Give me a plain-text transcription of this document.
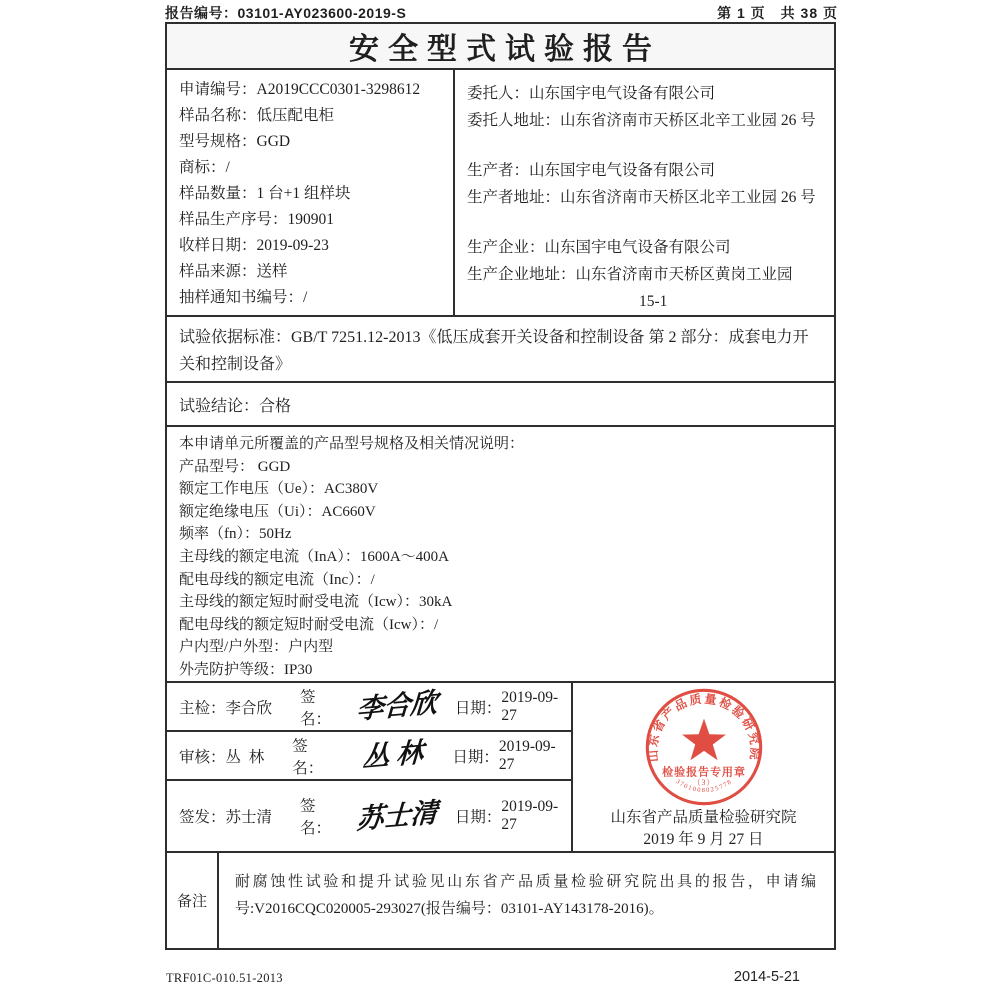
报告编号：03101-AY023600-2019-S	第 1 页　共 38 页
安全型式试验报告
申请编号：A2019CCC0301-3298612
样品名称：低压配电柜
型号规格：GGD
商标：/
样品数量：1 台+1 组样块
样品生产序号：190901
收样日期：2019-09-23
样品来源：送样
抽样通知书编号：/
委托人：山东国宇电气设备有限公司
委托人地址：山东省济南市天桥区北辛工业园 26 号
生产者：山东国宇电气设备有限公司
生产者地址：山东省济南市天桥区北辛工业园 26 号
生产企业：山东国宇电气设备有限公司
生产企业地址：山东省济南市天桥区黄岗工业园
15-1
试验依据标准：GB/T 7251.12-2013《低压成套开关设备和控制设备 第 2 部分：成套电力开关和控制设备》
试验结论：合格
本申请单元所覆盖的产品型号规格及相关情况说明：
产品型号： GGD
额定工作电压（Ue）：AC380V
额定绝缘电压（Ui）：AC660V
频率（fn）：50Hz
主母线的额定电流（InA）：1600A～400A
配电母线的额定电流（Inc）：/
主母线的额定短时耐受电流（Icw）：30kA
配电母线的额定短时耐受电流（Icw）：/
户内型/户外型：户内型
外壳防护等级：IP30
主检：李合欣
签名： 李合欣	日期：
2019-09-27
审核：丛  林
签名：	丛 林	日期：
2019-09-27
签发：苏士清
签名： 苏士清	日期：
2019-09-27
山东省产品质量检验研究院
检验报告专用章
（3）
3701008025778
山东省产品质量检验研究院
2019 年 9 月 27 日
备注
耐腐蚀性试验和提升试验见山东省产品质量检验研究院出具的报告，申请编号:V2016CQC020005-293027(报告编号：03101-AY143178-2016)。
TRF01C-010.51-2013	2014-5-21
